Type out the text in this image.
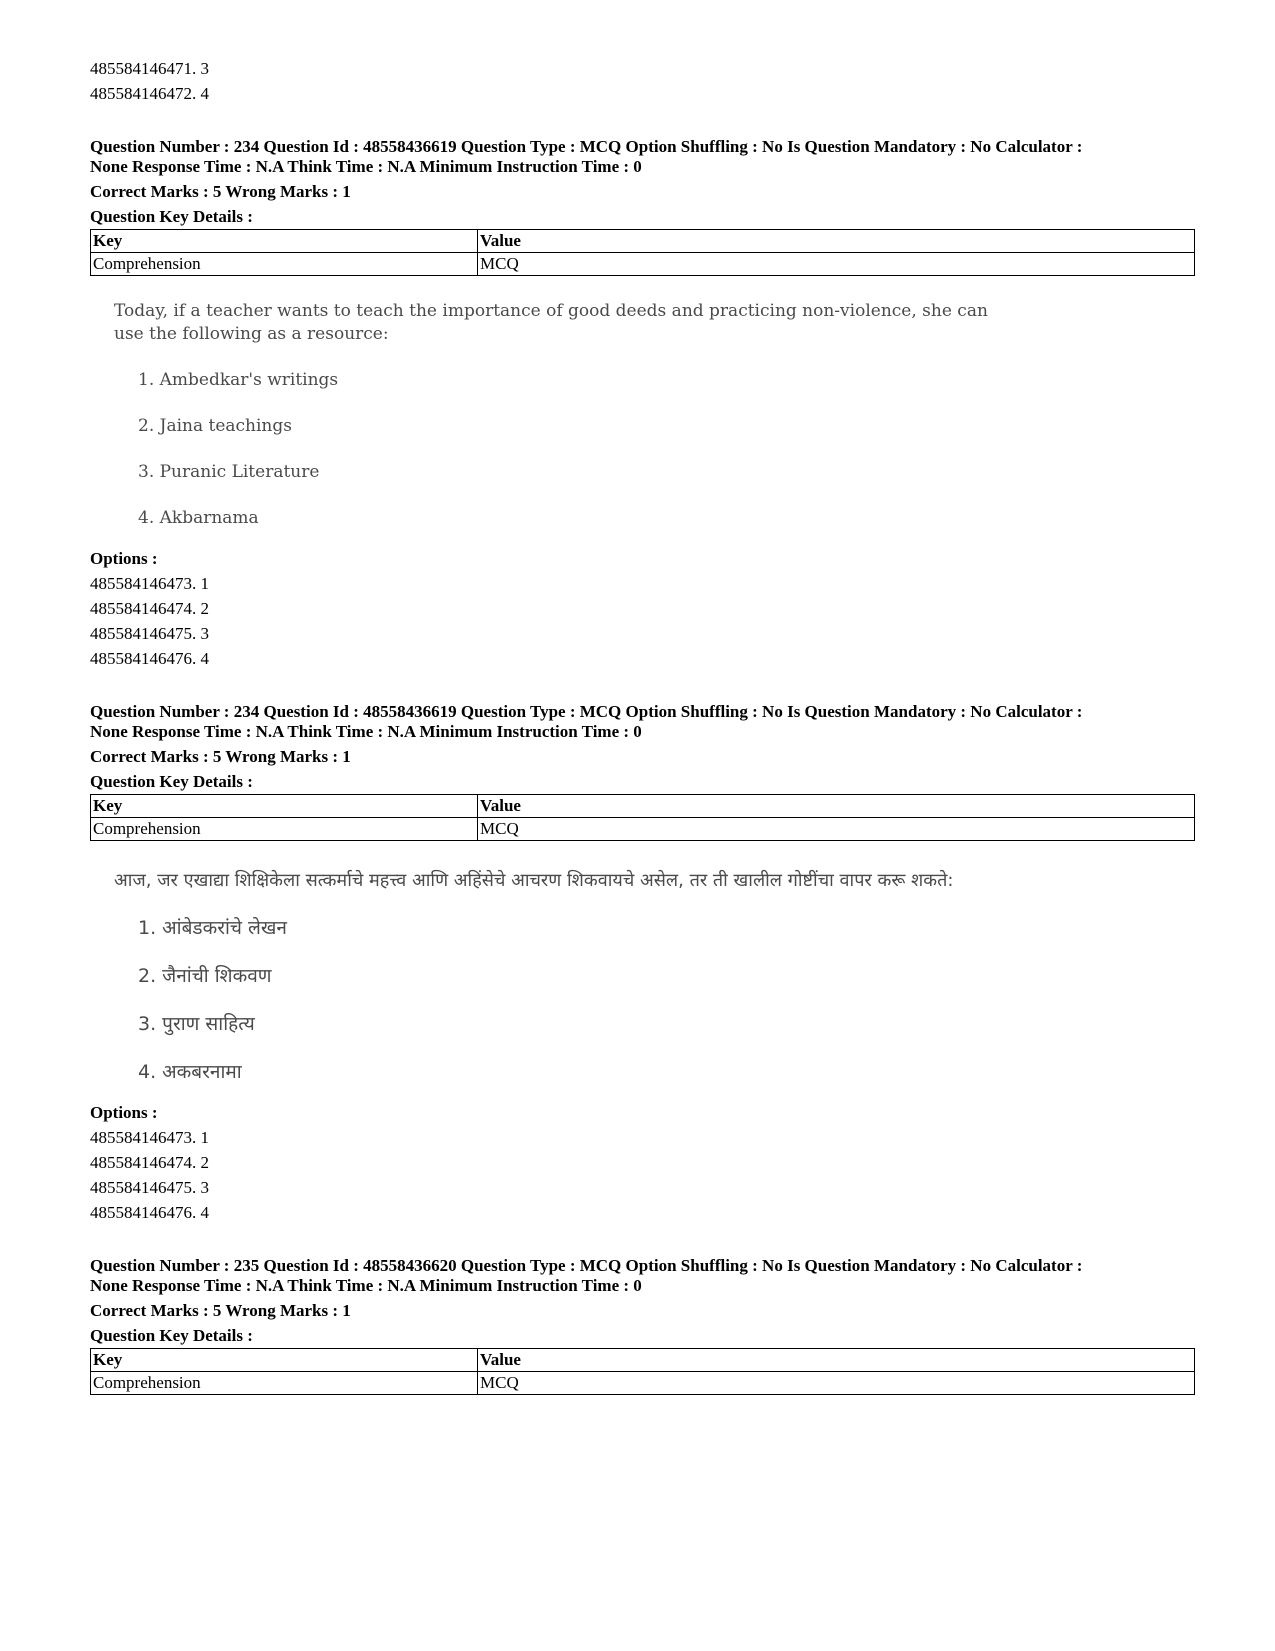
485584146471. 3
485584146472. 4
Question Number : 234 Question Id : 48558436619 Question Type : MCQ Option Shuffling : No Is Question Mandatory : No Calculator :
None Response Time : N.A Think Time : N.A Minimum Instruction Time : 0
Correct Marks : 5 Wrong Marks : 1
Question Key Details :
Key	Value
Comprehension	MCQ
Today, if a teacher wants to teach the importance of good deeds and practicing non-violence, she can use the following as a resource:
1. Ambedkar's writings
2. Jaina teachings
3. Puranic Literature
4. Akbarnama
Options :
485584146473. 1
485584146474. 2
485584146475. 3
485584146476. 4
Question Number : 234 Question Id : 48558436619 Question Type : MCQ Option Shuffling : No Is Question Mandatory : No Calculator :
None Response Time : N.A Think Time : N.A Minimum Instruction Time : 0
Correct Marks : 5 Wrong Marks : 1
Question Key Details :
Key	Value
Comprehension	MCQ
आज, जर एखाद्या शिक्षिकेला सत्कर्माचे महत्त्व आणि अहिंसेचे आचरण शिकवायचे असेल, तर ती खालील गोष्टींचा वापर करू शकते:
1. आंबेडकरांचे लेखन
2. जैनांची शिकवण
3. पुराण साहित्य
4. अकबरनामा
Options :
485584146473. 1
485584146474. 2
485584146475. 3
485584146476. 4
Question Number : 235 Question Id : 48558436620 Question Type : MCQ Option Shuffling : No Is Question Mandatory : No Calculator :
None Response Time : N.A Think Time : N.A Minimum Instruction Time : 0
Correct Marks : 5 Wrong Marks : 1
Question Key Details :
Key	Value
Comprehension	MCQ
